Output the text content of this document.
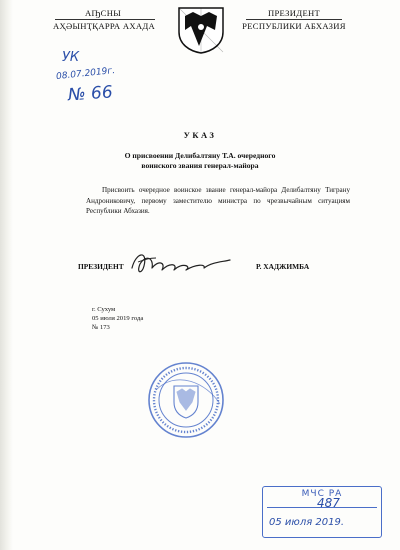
АҦСНЫ
АҲӘЫНҬҚАРРА АХАДА
ПРЕЗИДЕНТ
РЕСПУБЛИКИ АБХАЗИЯ
УК
08.07.2019г.
№ 66
УКАЗ
О присвоении Делибалтяну Т.А. очередного
воинского звания генерал-майора
Присвоить очередное воинское звание генерал-майора Делибалтяну Тиграну Андрониковичу, первому заместителю министра по чрезвычайным ситуациям Республики Абхазия.
ПРЕЗИДЕНТ	Р. ХАДЖИМБА
г. Сухум
05 июля 2019 года
№ 173
МЧС РА
487
05 июля 2019.
